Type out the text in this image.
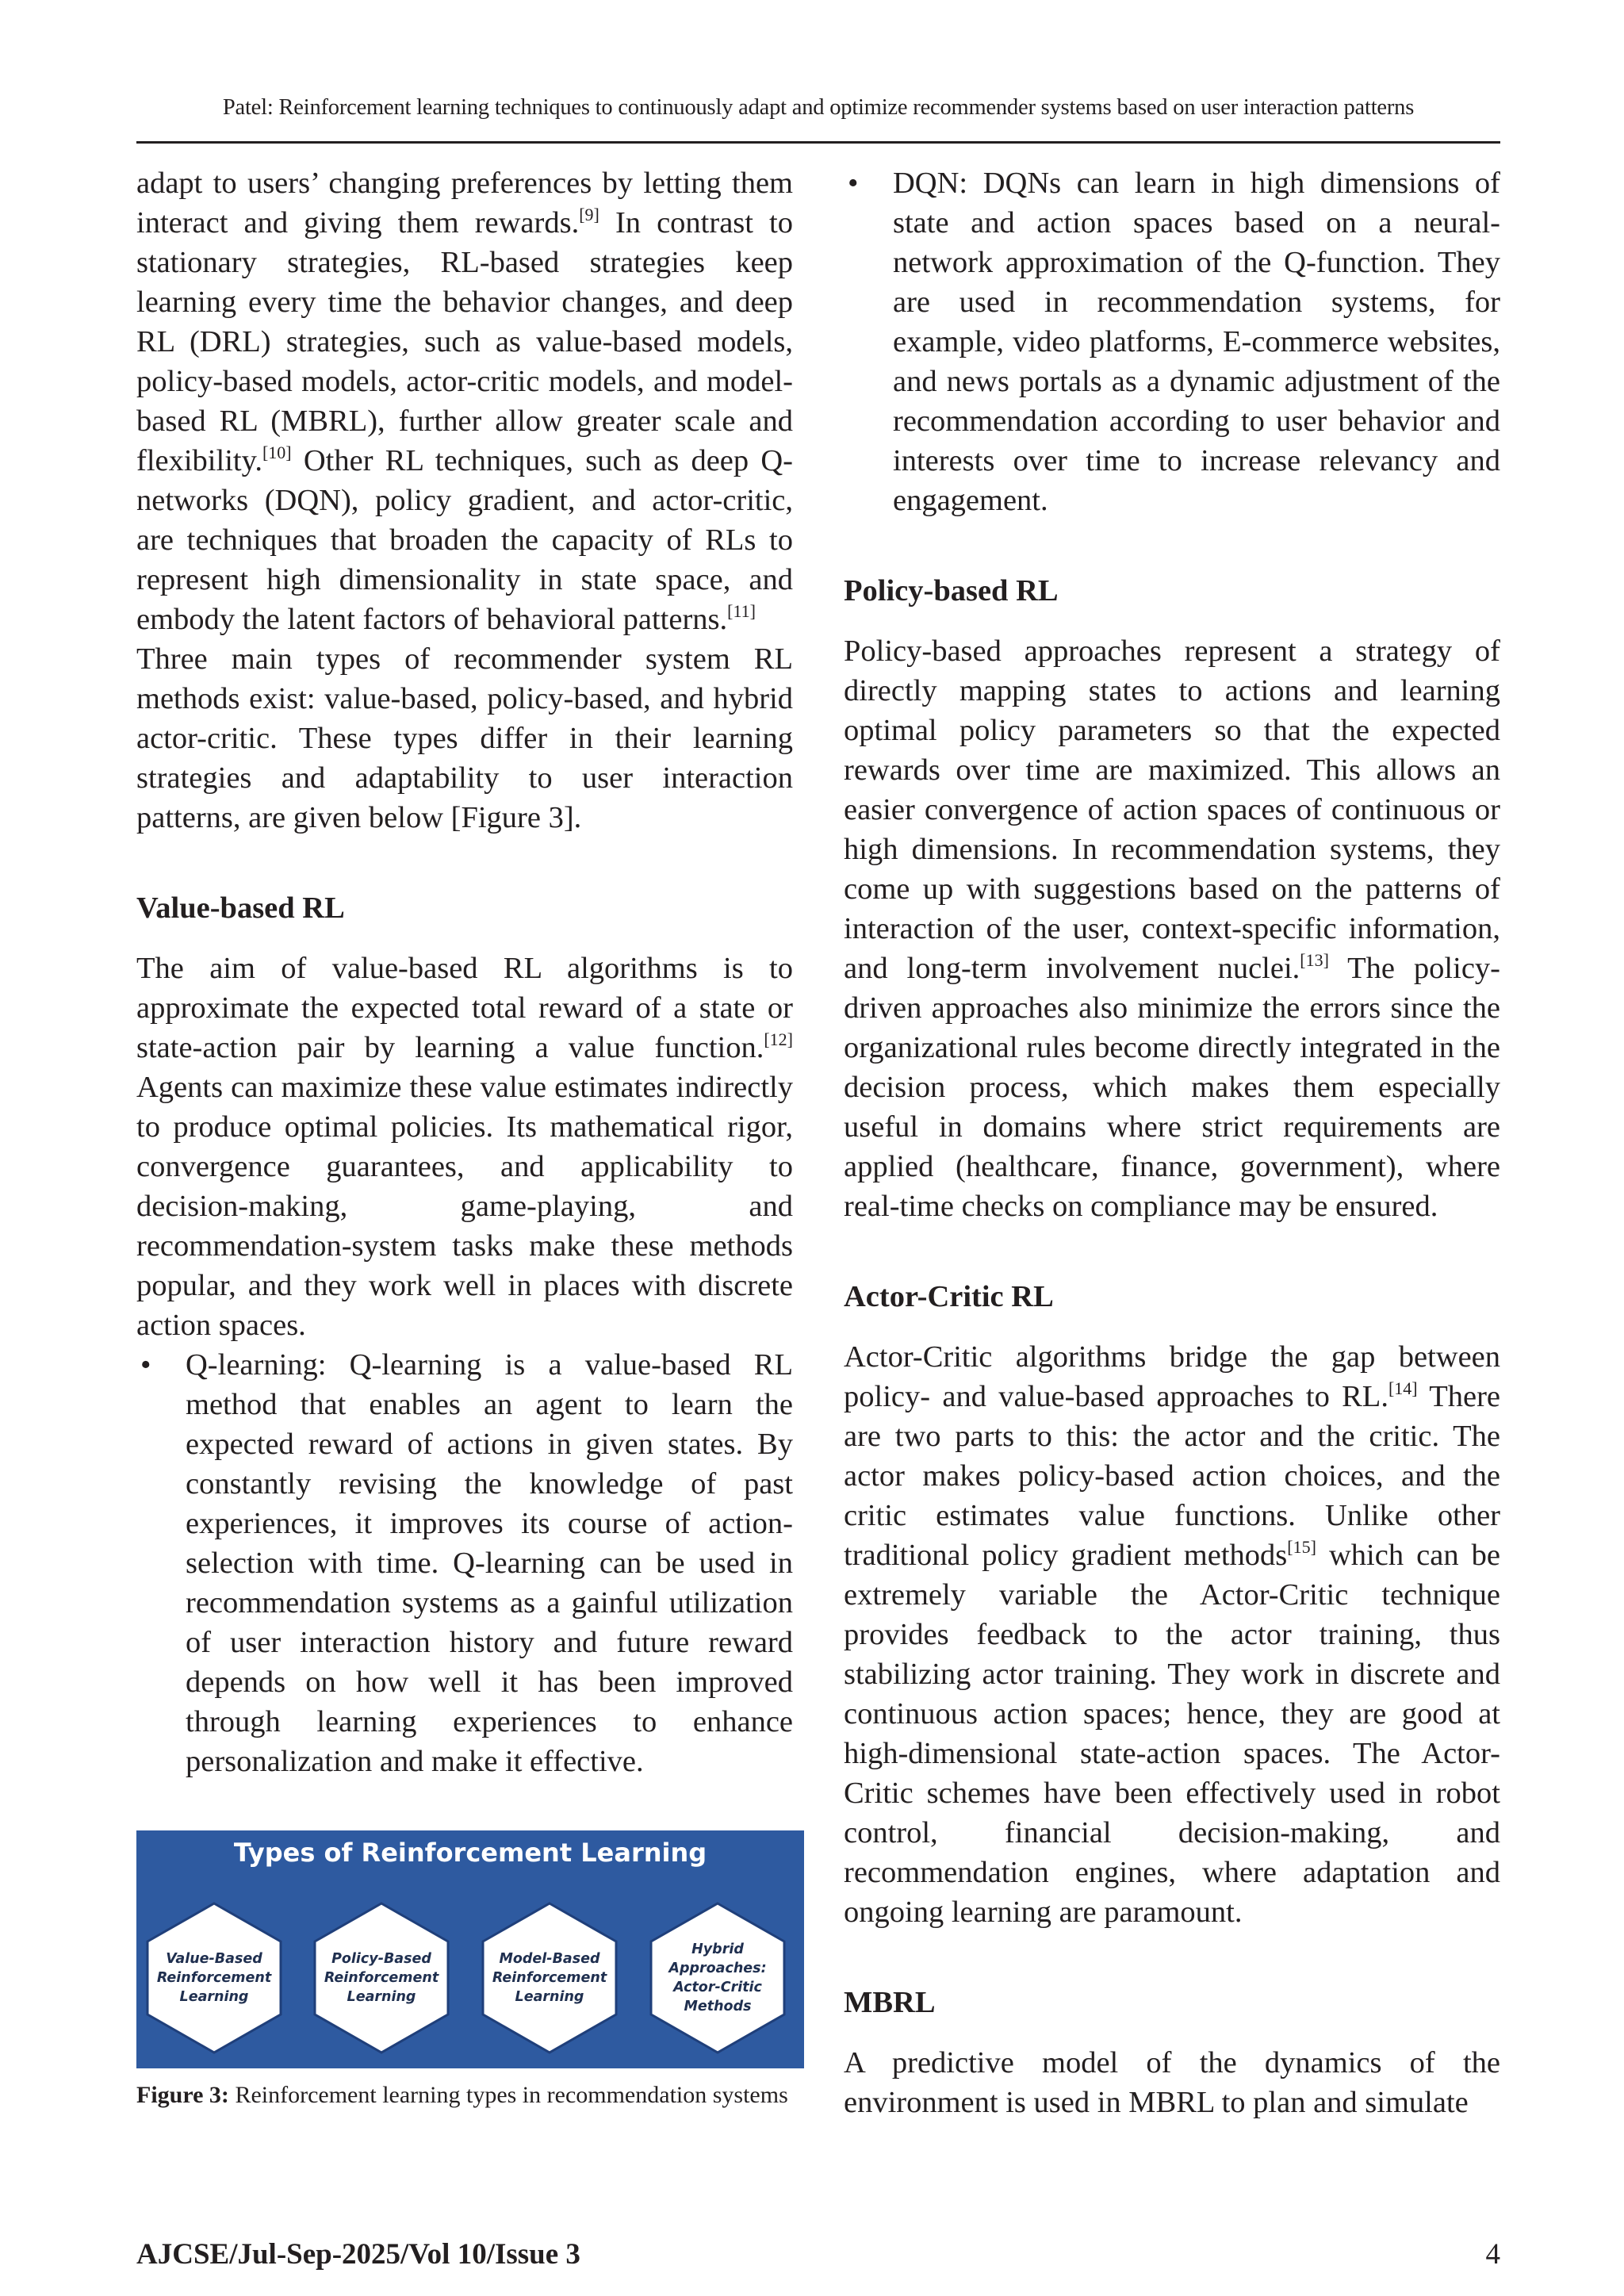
Patel: Reinforcement learning techniques to continuously adapt and optimize recommender systems based on user interaction patterns

adapt to users’ changing preferences by letting them interact and giving them rewards.[9] In contrast to stationary strategies, RL-based strategies keep learning every time the behavior changes, and deep RL (DRL) strategies, such as value-based models, policy-based models, actor-critic models, and model-based RL (MBRL), further allow greater scale and flexibility.[10] Other RL techniques, such as deep Q-networks (DQN), policy gradient, and actor-critic, are techniques that broaden the capacity of RLs to represent high dimensionality in state space, and embody the latent factors of behavioral patterns.[11]

Three main types of recommender system RL methods exist: value-based, policy-based, and hybrid actor-critic. These types differ in their learning strategies and adaptability to user interaction patterns, are given below [Figure 3].

Value-based RL

The aim of value-based RL algorithms is to approximate the expected total reward of a state or state-action pair by learning a value function.[12] Agents can maximize these value estimates indirectly to produce optimal policies. Its mathematical rigor, convergence guarantees, and applicability to decision-making, game-playing, and recommendation-system tasks make these methods popular, and they work well in places with discrete action spaces.

•	Q-learning: Q-learning is a value-based RL method that enables an agent to learn the expected reward of actions in given states. By constantly revising the knowledge of past experiences, it improves its course of action-selection with time. Q-learning can be used in recommendation systems as a gainful utilization of user interaction history and future reward depends on how well it has been improved through learning experiences to enhance personalization and make it effective.
Types of Reinforcement Learning
Value-Based Reinforcement Learning
Policy-Based Reinforcement Learning
Model-Based Reinforcement Learning
Hybrid Approaches: Actor-Critic Methods

Figure 3: Reinforcement learning types in recommendation systems

•	DQN: DQNs can learn in high dimensions of state and action spaces based on a neural-network approximation of the Q-function. They are used in recommendation systems, for example, video platforms, E-commerce websites, and news portals as a dynamic adjustment of the recommendation according to user behavior and interests over time to increase relevancy and engagement.
Policy-based RL

Policy-based approaches represent a strategy of directly mapping states to actions and learning optimal policy parameters so that the expected rewards over time are maximized. This allows an easier convergence of action spaces of continuous or high dimensions. In recommendation systems, they come up with suggestions based on the patterns of interaction of the user, context-specific information, and long-term involvement nuclei.[13] The policy-driven approaches also minimize the errors since the organizational rules become directly integrated in the decision process, which makes them especially useful in domains where strict requirements are applied (healthcare, finance, government), where real-time checks on compliance may be ensured.

Actor-Critic RL

Actor-Critic algorithms bridge the gap between policy- and value-based approaches to RL.[14] There are two parts to this: the actor and the critic. The actor makes policy-based action choices, and the critic estimates value functions. Unlike other traditional policy gradient methods[15] which can be extremely variable the Actor-Critic technique provides feedback to the actor training, thus stabilizing actor training. They work in discrete and continuous action spaces; hence, they are good at high-dimensional state-action spaces. The Actor-Critic schemes have been effectively used in robot control, financial decision-making, and recommendation engines, where adaptation and ongoing learning are paramount.

MBRL

A predictive model of the dynamics of the environment is used in MBRL to plan and simulate

AJCSE/Jul-Sep-2025/Vol 10/Issue 3	4
